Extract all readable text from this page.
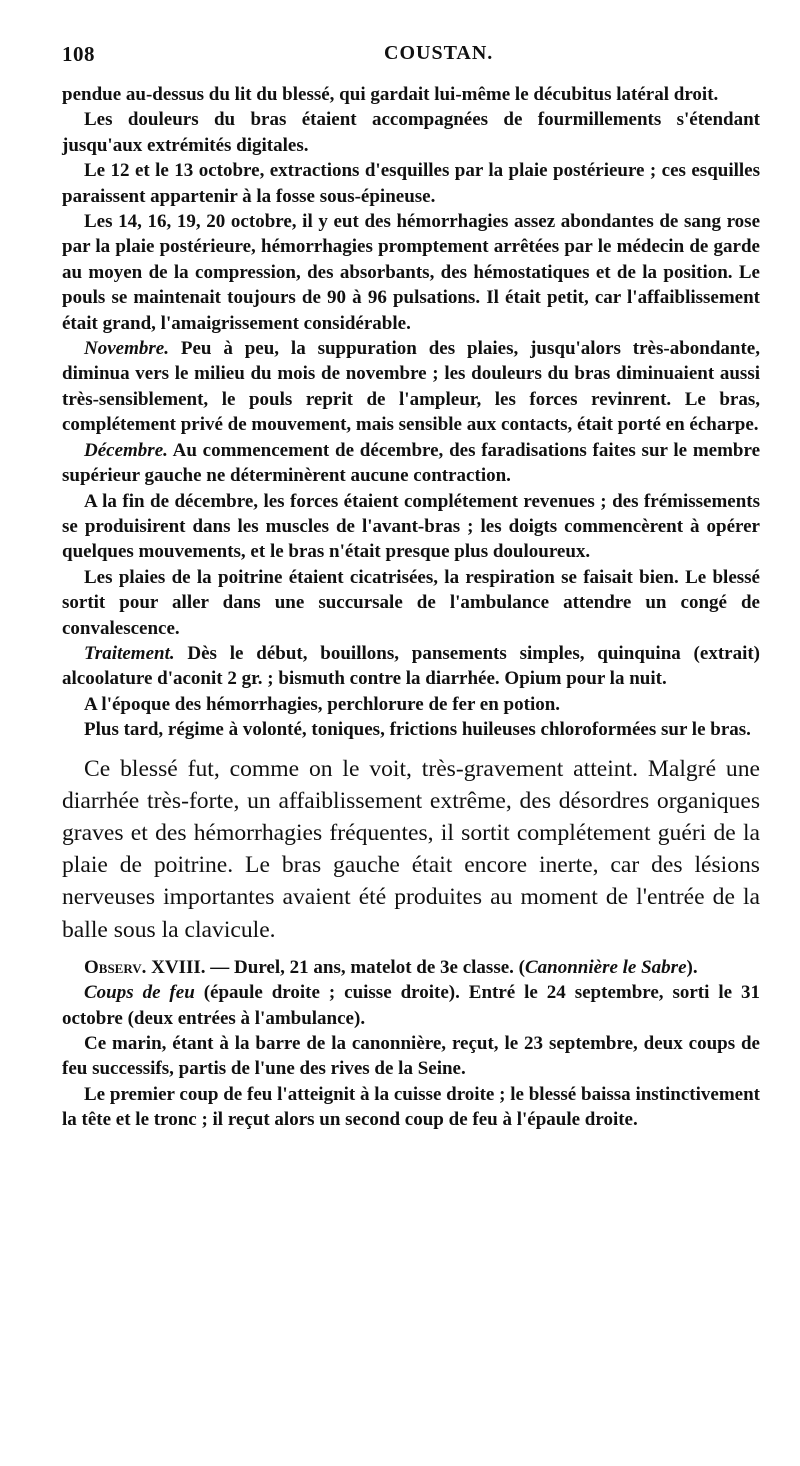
108	COUSTAN.

pendue au-dessus du lit du blessé, qui gardait lui-même le décubitus latéral droit.

Les douleurs du bras étaient accompagnées de fourmillements s'étendant jusqu'aux extrémités digitales.

Le 12 et le 13 octobre, extractions d'esquilles par la plaie postérieure ; ces esquilles paraissent appartenir à la fosse sous-épineuse.

Les 14, 16, 19, 20 octobre, il y eut des hémorrhagies assez abondantes de sang rose par la plaie postérieure, hémorrhagies promptement arrêtées par le médecin de garde au moyen de la compression, des absorbants, des hémostatiques et de la position. Le pouls se maintenait toujours de 90 à 96 pulsations. Il était petit, car l'affaiblissement était grand, l'amaigrissement considérable.

Novembre. Peu à peu, la suppuration des plaies, jusqu'alors très-abondante, diminua vers le milieu du mois de novembre ; les douleurs du bras diminuaient aussi très-sensiblement, le pouls reprit de l'ampleur, les forces revinrent. Le bras, complétement privé de mouvement, mais sensible aux contacts, était porté en écharpe.

Décembre. Au commencement de décembre, des faradisations faites sur le membre supérieur gauche ne déterminèrent aucune contraction.

A la fin de décembre, les forces étaient complétement revenues ; des frémissements se produisirent dans les muscles de l'avant-bras ; les doigts commencèrent à opérer quelques mouvements, et le bras n'était presque plus douloureux.

Les plaies de la poitrine étaient cicatrisées, la respiration se faisait bien. Le blessé sortit pour aller dans une succursale de l'ambulance attendre un congé de convalescence.

Traitement. Dès le début, bouillons, pansements simples, quinquina (extrait) alcoolature d'aconit 2 gr. ; bismuth contre la diarrhée. Opium pour la nuit.

A l'époque des hémorrhagies, perchlorure de fer en potion.

Plus tard, régime à volonté, toniques, frictions huileuses chloroformées sur le bras.

Ce blessé fut, comme on le voit, très-gravement atteint. Malgré une diarrhée très-forte, un affaiblissement extrême, des désordres organiques graves et des hémorrhagies fréquentes, il sortit complétement guéri de la plaie de poitrine. Le bras gauche était encore inerte, car des lésions nerveuses importantes avaient été produites au moment de l'entrée de la balle sous la clavicule.

Observ. XVIII. — Durel, 21 ans, matelot de 3e classe. (Canonnière le Sabre).

Coups de feu (épaule droite ; cuisse droite). Entré le 24 septembre, sorti le 31 octobre (deux entrées à l'ambulance).

Ce marin, étant à la barre de la canonnière, reçut, le 23 septembre, deux coups de feu successifs, partis de l'une des rives de la Seine.

Le premier coup de feu l'atteignit à la cuisse droite ; le blessé baissa instinctivement la tête et le tronc ; il reçut alors un second coup de feu à l'épaule droite.
